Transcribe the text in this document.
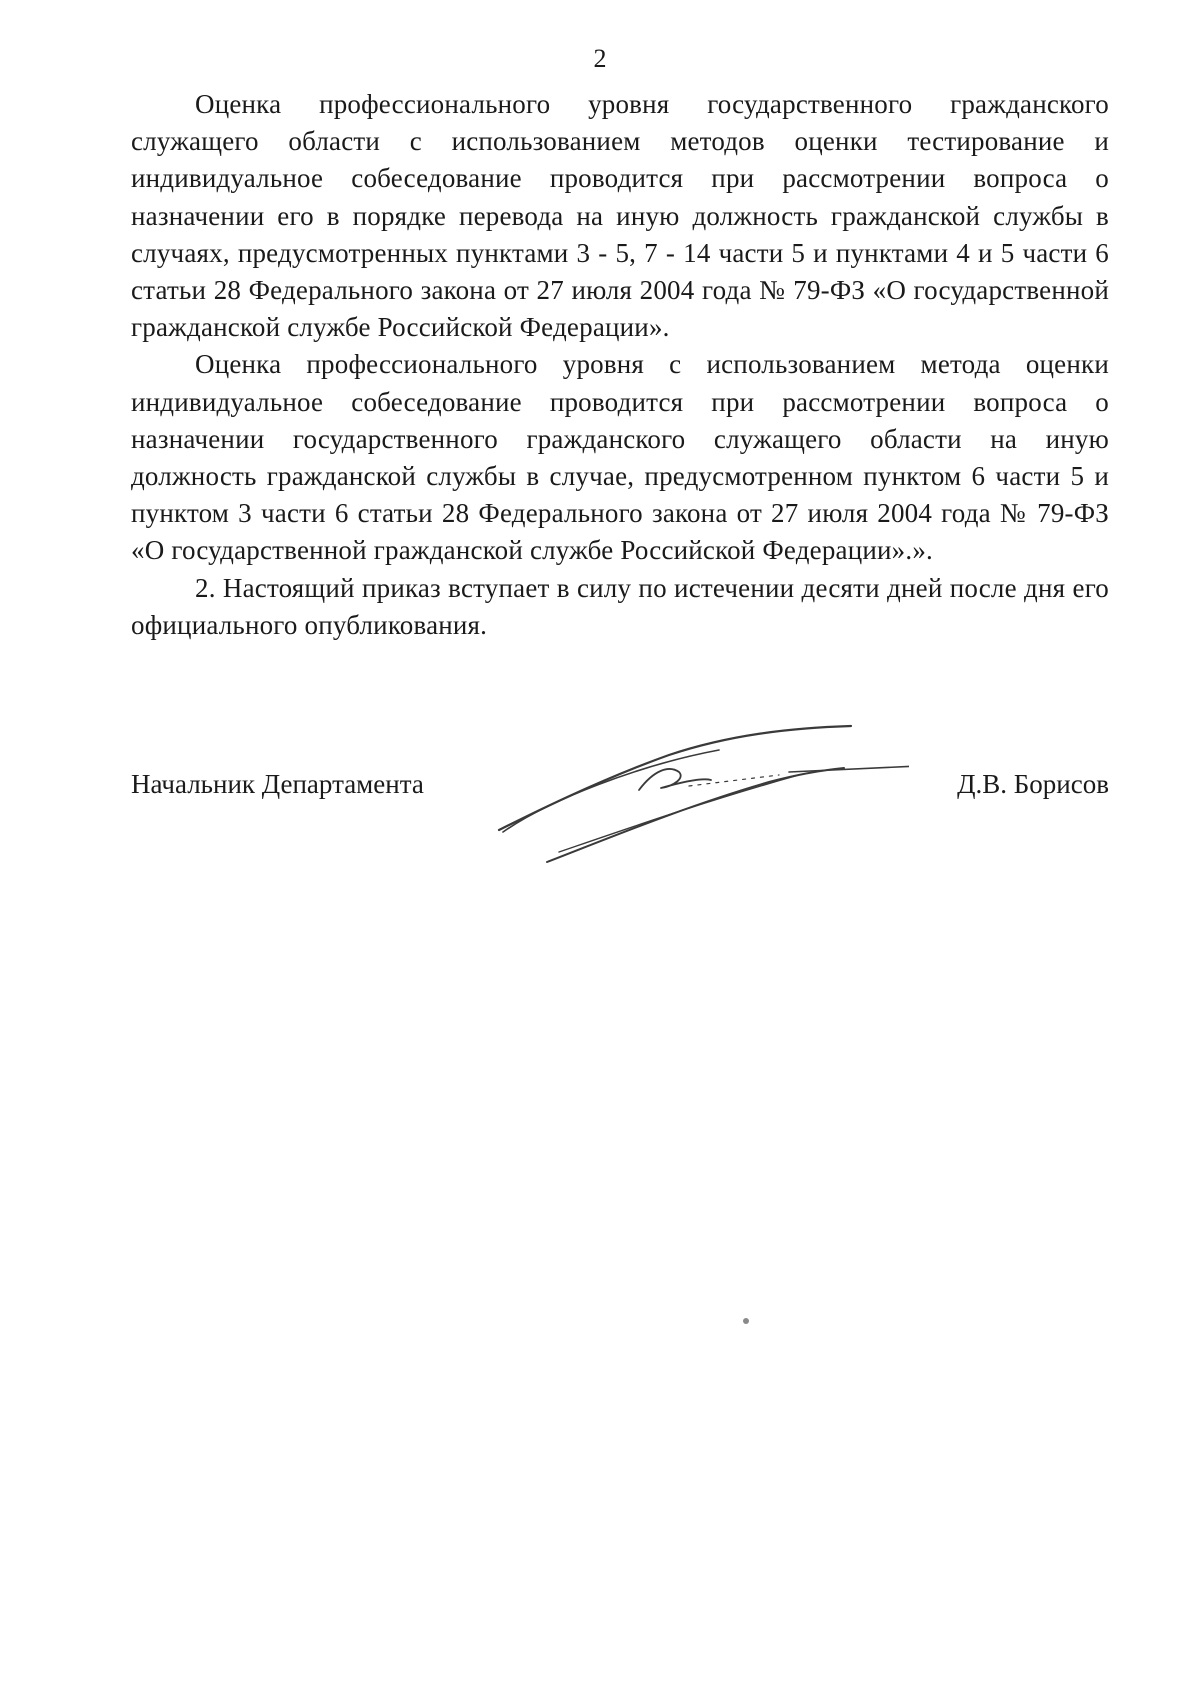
2

Оценка профессионального уровня государственного гражданского служащего области с использованием методов оценки тестирование и индивидуальное собеседование проводится при рассмотрении вопроса о назначении его в порядке перевода на иную должность гражданской службы в случаях, предусмотренных пунктами 3 - 5, 7 - 14 части 5 и пунктами 4 и 5 части 6 статьи 28 Федерального закона от 27 июля 2004 года № 79-ФЗ «О государственной гражданской службе Российской Федерации».

Оценка профессионального уровня с использованием метода оценки индивидуальное собеседование проводится при рассмотрении вопроса о назначении государственного гражданского служащего области на иную должность гражданской службы в случае, предусмотренном пунктом 6 части 5 и пунктом 3 части 6 статьи 28 Федерального закона от 27 июля 2004 года № 79-ФЗ «О государственной гражданской службе Российской Федерации».».

2. Настоящий приказ вступает в силу по истечении десяти дней после дня его официального опубликования.

Начальник Департамента	Д.В. Борисов
